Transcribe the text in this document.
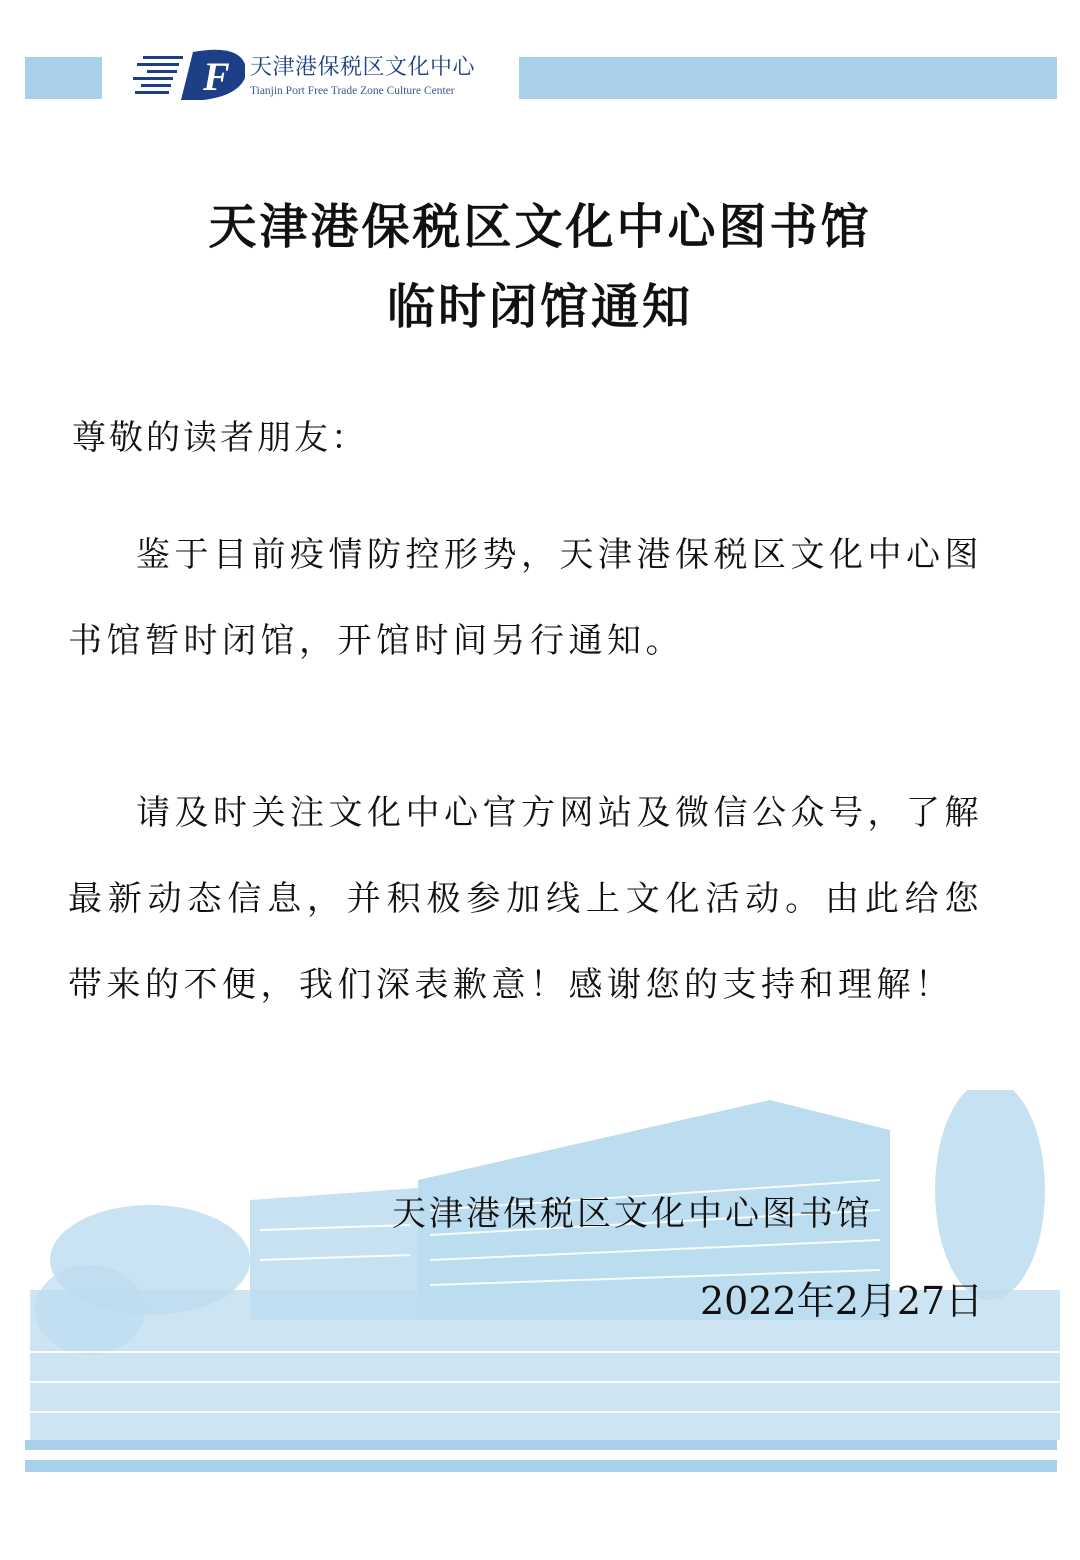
F 天津港保税区文化中心
Tianjin Port Free Trade Zone Culture Center
天津港保税区文化中心图书馆
临时闭馆通知
尊敬的读者朋友：

鉴于目前疫情防控形势，天津港保税区文化中心图书馆暂时闭馆，开馆时间另行通知。

请及时关注文化中心官方网站及微信公众号，了解最新动态信息，并积极参加线上文化活动。由此给您带来的不便，我们深表歉意！感谢您的支持和理解！

天津港保税区文化中心图书馆
2022年2月27日
